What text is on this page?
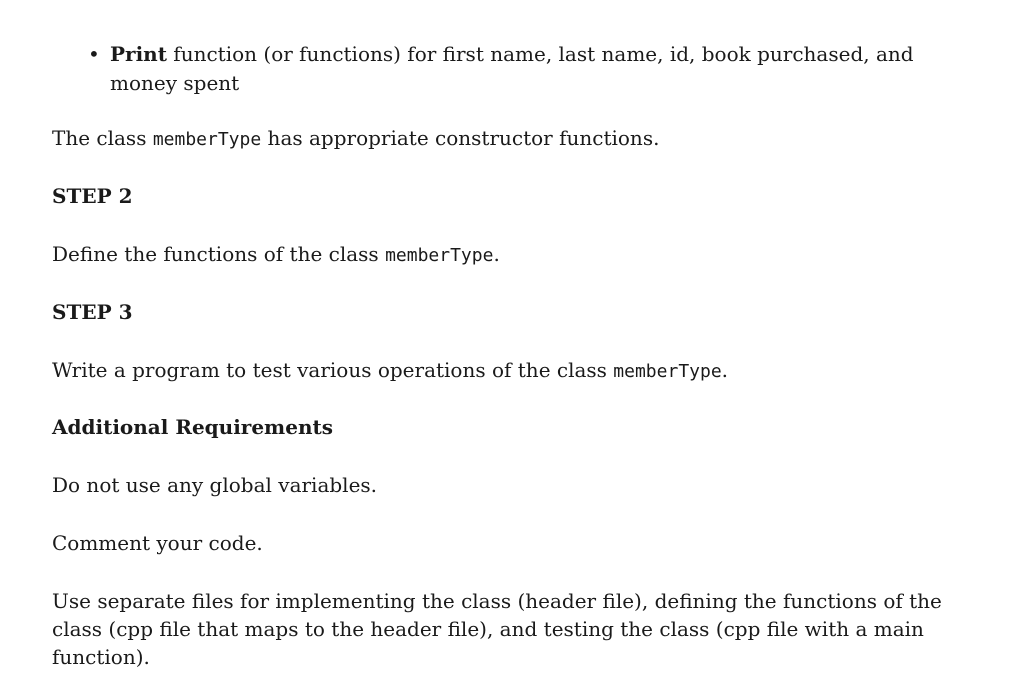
• Print function (or functions) for first name, last name, id, book purchased, and money spent
The class memberType has appropriate constructor functions.
STEP 2
Define the functions of the class memberType.
STEP 3
Write a program to test various operations of the class memberType.
Additional Requirements
Do not use any global variables.
Comment your code.
Use separate files for implementing the class (header file), defining the functions of the class (cpp file that maps to the header file), and testing the class (cpp file with a main function).
